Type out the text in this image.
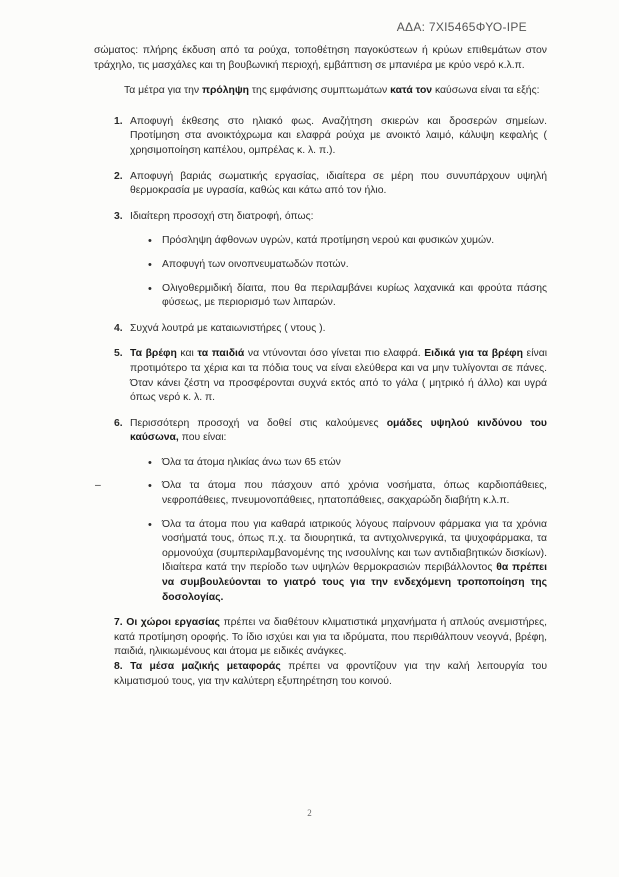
ΑΔΑ: 7ΧΙ5465ΦΥΟ-ΙΡΕ

σώματος: πλήρης έκδυση από τα ρούχα, τοποθέτηση παγοκύστεων ή κρύων επιθεμάτων στον τράχηλο, τις μασχάλες και τη βουβωνική περιοχή, εμβάπτιση σε μπανιέρα με κρύο νερό κ.λ.π.

Τα μέτρα για την πρόληψη της εμφάνισης συμπτωμάτων κατά τον καύσωνα είναι τα εξής:

1. Αποφυγή έκθεσης στο ηλιακό φως. Αναζήτηση σκιερών και δροσερών σημείων. Προτίμηση στα ανοικτόχρωμα και ελαφρά ρούχα με ανοικτό λαιμό, κάλυψη κεφαλής ( χρησιμοποίηση καπέλου, ομπρέλας κ. λ. π.).
2. Αποφυγή βαριάς σωματικής εργασίας, ιδιαίτερα σε μέρη που συνυπάρχουν υψηλή θερμοκρασία με υγρασία, καθώς και κάτω από τον ήλιο.
3. Ιδιαίτερη προσοχή στη διατροφή, όπως:
• Πρόσληψη άφθονων υγρών, κατά προτίμηση νερού και φυσικών χυμών.
• Αποφυγή των οινοπνευματωδών ποτών.
• Ολιγοθερμιδική δίαιτα, που θα περιλαμβάνει κυρίως λαχανικά και φρούτα πάσης φύσεως, με περιορισμό των λιπαρών.
4. Συχνά λουτρά με καταιωνιστήρες ( ντους ).
5. Τα βρέφη και τα παιδιά να ντύνονται όσο γίνεται πιο ελαφρά. Ειδικά για τα βρέφη είναι προτιμότερο τα χέρια και τα πόδια τους να είναι ελεύθερα και να μην τυλίγονται σε πάνες. Όταν κάνει ζέστη να προσφέρονται συχνά εκτός από το γάλα ( μητρικό ή άλλο) και υγρά όπως νερό κ. λ. π.
6. Περισσότερη προσοχή να δοθεί στις καλούμενες ομάδες υψηλού κινδύνου του καύσωνα, που είναι:
• Όλα τα άτομα ηλικίας άνω των 65 ετών
• –	Όλα τα άτομα που πάσχουν από χρόνια νοσήματα, όπως καρδιοπάθειες, νεφροπάθειες, πνευμονοπάθειες, ηπατοπάθειες, σακχαρώδη διαβήτη κ.λ.π.
• Όλα τα άτομα που για καθαρά ιατρικούς λόγους παίρνουν φάρμακα για τα χρόνια νοσήματά τους, όπως π.χ. τα διουρητικά, τα αντιχολινεργικά, τα ψυχοφάρμακα, τα ορμονούχα (συμπεριλαμβανομένης της ινσουλίνης και των αντιδιαβητικών δισκίων). Ιδιαίτερα κατά την περίοδο των υψηλών θερμοκρασιών περιβάλλοντος θα πρέπει να συμβουλεύονται το γιατρό τους για την ενδεχόμενη τροποποίηση της δοσολογίας.

7. Οι χώροι εργασίας πρέπει να διαθέτουν κλιματιστικά μηχανήματα ή απλούς ανεμιστήρες, κατά προτίμηση οροφής. Το ίδιο ισχύει και για τα ιδρύματα, που περιθάλπουν νεογνά, βρέφη, παιδιά, ηλικιωμένους και άτομα με ειδικές ανάγκες.

8. Τα μέσα μαζικής μεταφοράς πρέπει να φροντίζουν για την καλή λειτουργία του κλιματισμού τους, για την καλύτερη εξυπηρέτηση του κοινού.

2
